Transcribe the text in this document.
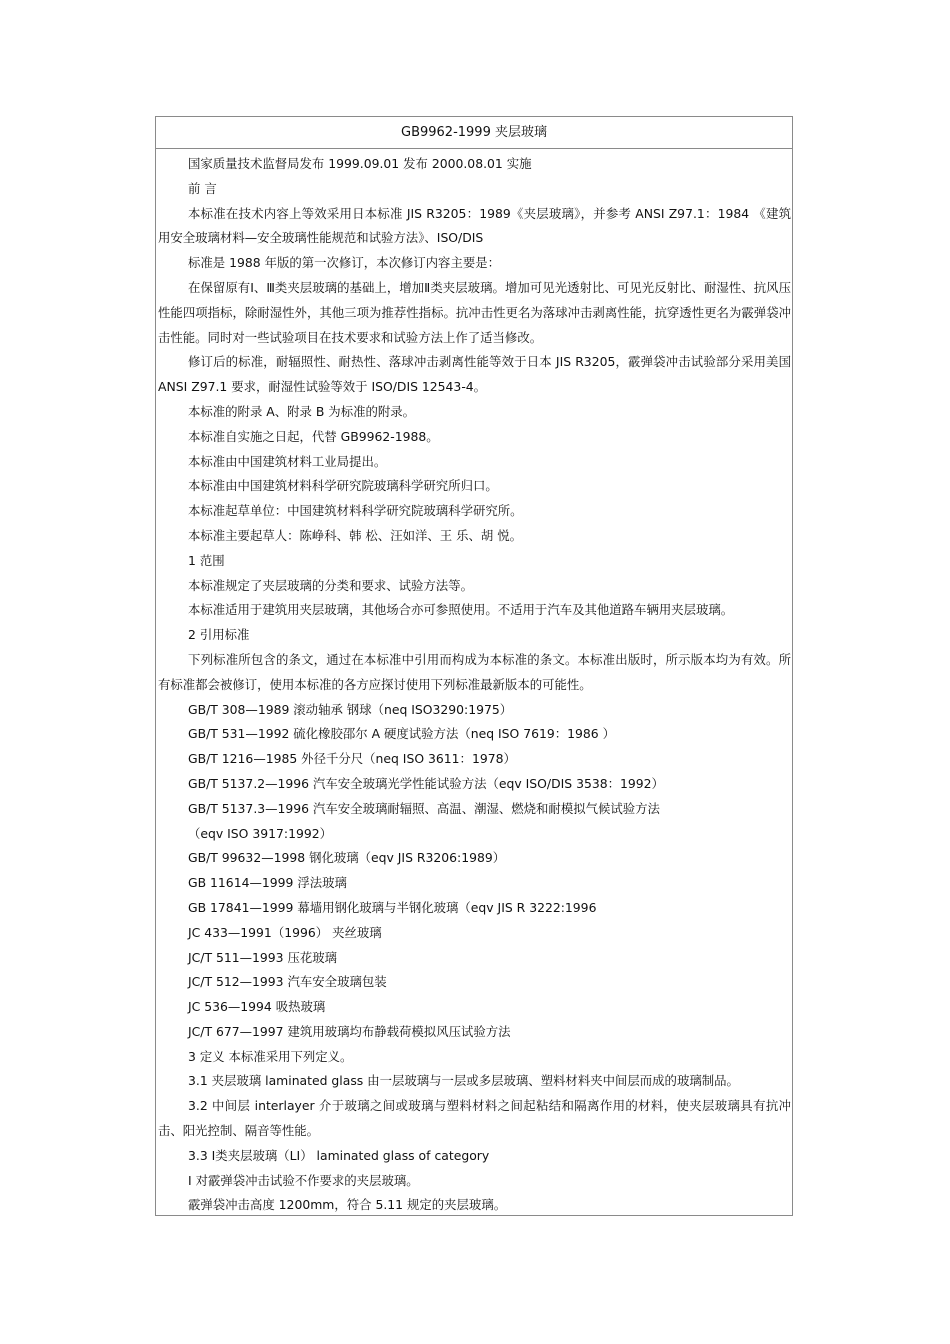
GB9962-1999 夹层玻璃

国家质量技术监督局发布 1999.09.01 发布 2000.08.01 实施

前 言

本标准在技术内容上等效采用日本标准 JIS R3205：1989《夹层玻璃》，并参考 ANSI Z97.1：1984 《建筑用安全玻璃材料—安全玻璃性能规范和试验方法》、ISO/DIS

标准是 1988 年版的第一次修订，本次修订内容主要是：

在保留原有Ⅰ、Ⅲ类夹层玻璃的基础上，增加Ⅱ类夹层玻璃。增加可见光透射比、可见光反射比、耐湿性、抗风压性能四项指标，除耐湿性外，其他三项为推荐性指标。抗冲击性更名为落球冲击剥离性能，抗穿透性更名为霰弹袋冲击性能。同时对一些试验项目在技术要求和试验方法上作了适当修改。

修订后的标准，耐辐照性、耐热性、落球冲击剥离性能等效于日本 JIS R3205，霰弹袋冲击试验部分采用美国 ANSI Z97.1 要求，耐湿性试验等效于 ISO/DIS 12543-4。

本标准的附录 A、附录 B 为标准的附录。

本标准自实施之日起，代替 GB9962-1988。

本标准由中国建筑材料工业局提出。

本标准由中国建筑材料科学研究院玻璃科学研究所归口。

本标准起草单位：中国建筑材料科学研究院玻璃科学研究所。

本标准主要起草人：陈峥科、韩 松、汪如洋、王 乐、胡 悦。

1 范围

本标准规定了夹层玻璃的分类和要求、试验方法等。

本标准适用于建筑用夹层玻璃，其他场合亦可参照使用。不适用于汽车及其他道路车辆用夹层玻璃。

2 引用标准

下列标准所包含的条文，通过在本标准中引用而构成为本标准的条文。本标准出版时，所示版本均为有效。所有标准都会被修订，使用本标准的各方应探讨使用下列标准最新版本的可能性。

GB/T 308—1989 滚动轴承 钢球（neq ISO3290:1975）

GB/T 531—1992 硫化橡胶邵尔 A 硬度试验方法（neq ISO 7619：1986 ）

GB/T 1216—1985 外径千分尺（neq ISO 3611：1978）

GB/T 5137.2—1996 汽车安全玻璃光学性能试验方法（eqv ISO/DIS 3538：1992）

GB/T 5137.3—1996 汽车安全玻璃耐辐照、高温、潮湿、燃烧和耐模拟气候试验方法

（eqv ISO 3917:1992）

GB/T 99632—1998 钢化玻璃（eqv JIS R3206:1989）

GB 11614—1999 浮法玻璃

GB 17841—1999 幕墙用钢化玻璃与半钢化玻璃（eqv JIS R 3222:1996

JC 433—1991（1996） 夹丝玻璃

JC/T 511—1993 压花玻璃

JC/T 512—1993 汽车安全玻璃包装

JC 536—1994 吸热玻璃

JC/T 677—1997 建筑用玻璃均布静载荷模拟风压试验方法

3 定义 本标准采用下列定义。

3.1 夹层玻璃 laminated glass 由一层玻璃与一层或多层玻璃、塑料材料夹中间层而成的玻璃制品。

3.2 中间层 interlayer 介于玻璃之间或玻璃与塑料材料之间起粘结和隔离作用的材料，使夹层玻璃具有抗冲击、阳光控制、隔音等性能。

3.3 Ⅰ类夹层玻璃（LⅠ） laminated glass of category

Ⅰ 对霰弹袋冲击试验不作要求的夹层玻璃。

霰弹袋冲击高度 1200mm，符合 5.11 规定的夹层玻璃。
